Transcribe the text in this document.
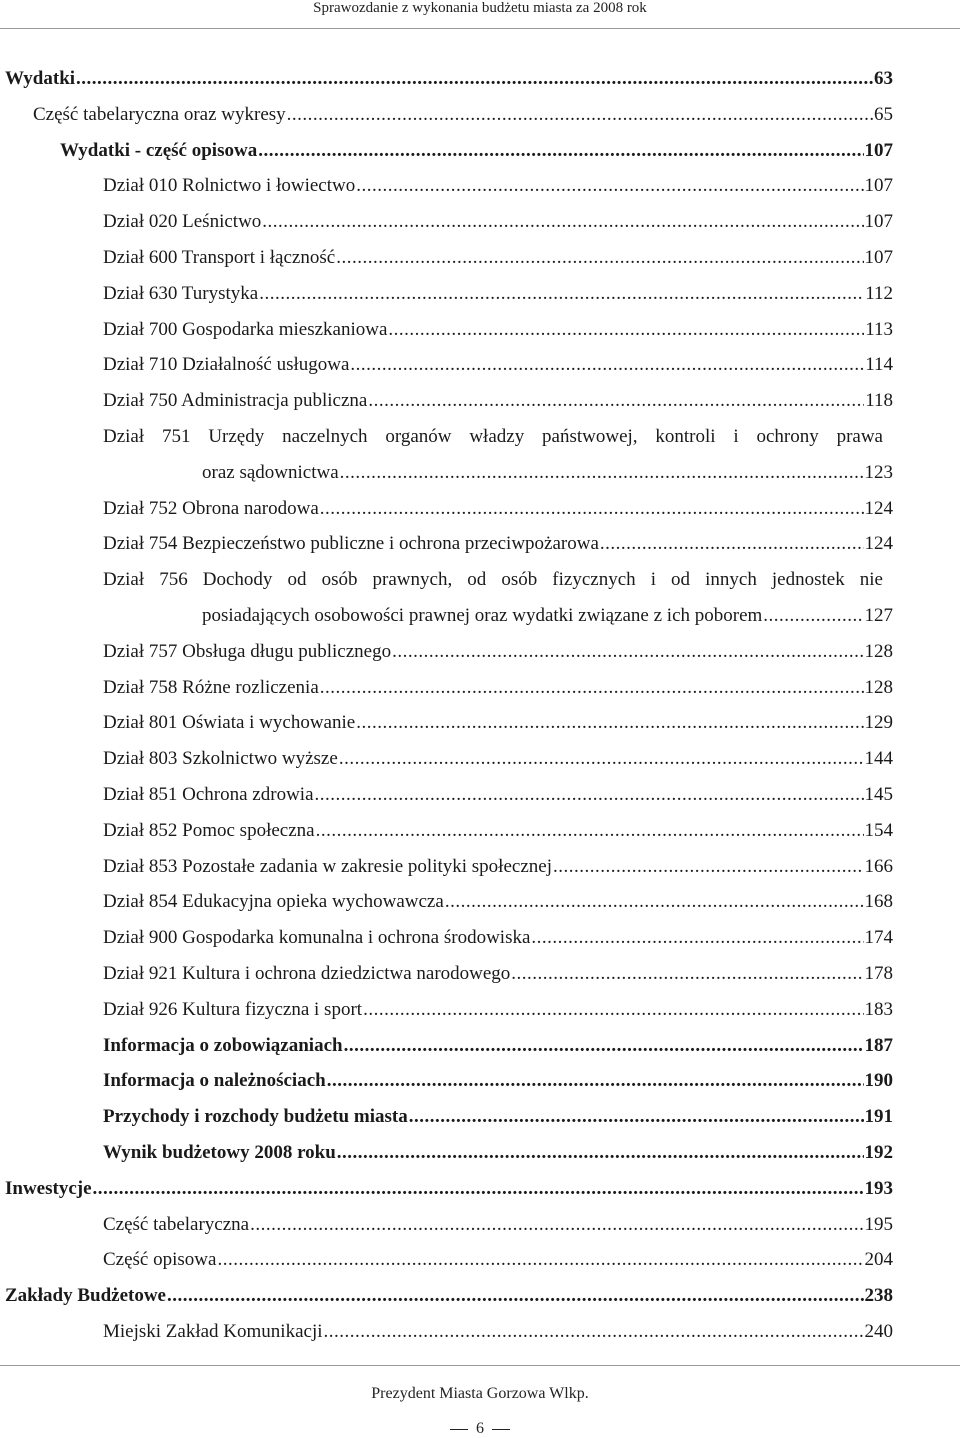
Sprawozdanie z wykonania budżetu miasta za 2008 rok
Wydatki .....	63
Część tabelaryczna oraz wykresy .....	65
Wydatki - część opisowa .....	107
Dział 010 Rolnictwo i łowiectwo .....	107
Dział 020 Leśnictwo .....	107
Dział 600 Transport i łączność .....	107
Dział 630 Turystyka .....	112
Dział 700 Gospodarka mieszkaniowa .....	113
Dział 710 Działalność usługowa .....	114
Dział 750 Administracja publiczna .....	118
Dział 751 Urzędy naczelnych organów władzy państwowej, kontroli i ochrony prawa
oraz sądownictwa .....	123
Dział 752 Obrona narodowa .....	124
Dział 754 Bezpieczeństwo publiczne i ochrona przeciwpożarowa .....	124
Dział 756 Dochody od osób prawnych, od osób fizycznych i od innych jednostek nie
posiadających osobowości prawnej oraz wydatki związane z ich poborem .....	127
Dział 757 Obsługa długu publicznego .....	128
Dział 758 Różne rozliczenia .....	128
Dział 801 Oświata i wychowanie .....	129
Dział 803 Szkolnictwo wyższe .....	144
Dział 851 Ochrona zdrowia .....	145
Dział 852 Pomoc społeczna .....	154
Dział 853 Pozostałe zadania w zakresie polityki społecznej .....	166
Dział 854 Edukacyjna opieka wychowawcza .....	168
Dział 900 Gospodarka komunalna i ochrona środowiska .....	174
Dział 921 Kultura i ochrona dziedzictwa narodowego .....	178
Dział 926 Kultura fizyczna i sport .....	183
Informacja o zobowiązaniach .....	187
Informacja o należnościach .....	190
Przychody i rozchody budżetu miasta .....	191
Wynik budżetowy 2008 roku .....	192
Inwestycje .....	193
Część tabelaryczna .....	195
Część opisowa .....	204
Zakłady Budżetowe .....	238
Miejski Zakład Komunikacji .....	240
Prezydent Miasta Gorzowa Wlkp.
6
